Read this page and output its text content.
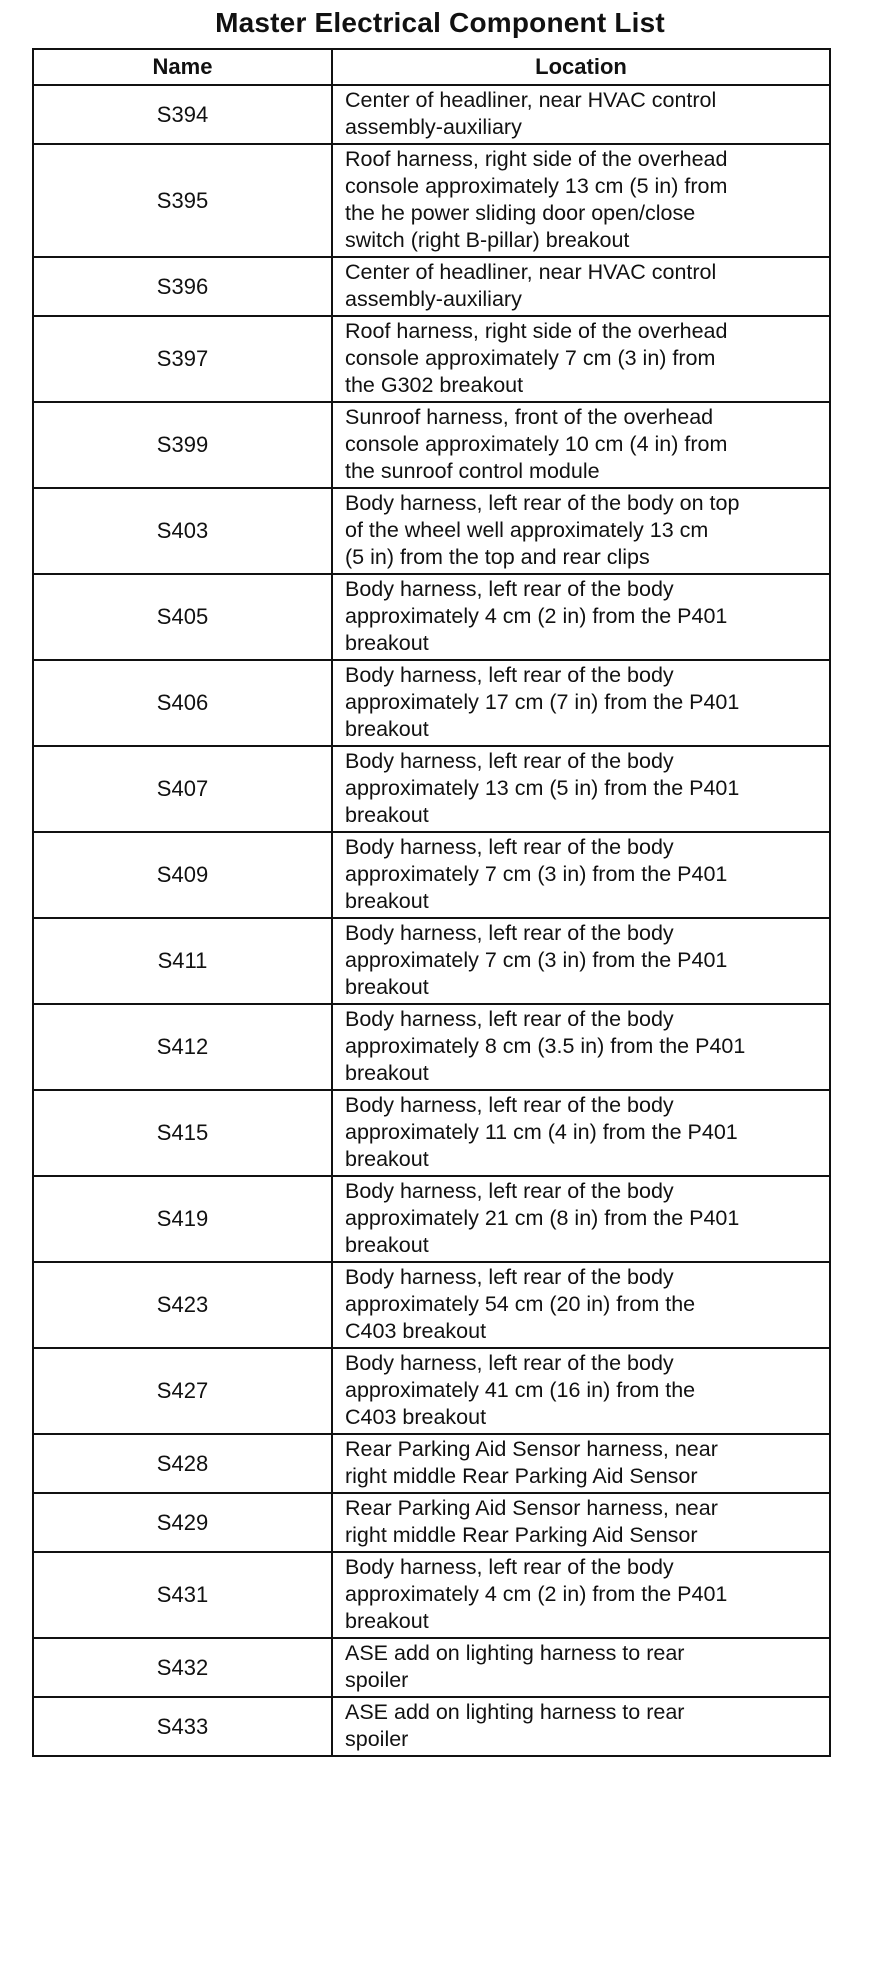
Master Electrical Component List
Name	Location
S394	Center of headliner, near HVAC control
assembly-auxiliary
S395	Roof harness, right side of the overhead
console approximately 13 cm (5 in) from
the he power sliding door open/close
switch (right B-pillar) breakout
S396	Center of headliner, near HVAC control
assembly-auxiliary
S397	Roof harness, right side of the overhead
console approximately 7 cm (3 in) from
the G302 breakout
S399	Sunroof harness, front of the overhead
console approximately 10 cm (4 in) from
the sunroof control module
S403	Body harness, left rear of the body on top
of the wheel well approximately 13 cm
(5 in) from the top and rear clips
S405	Body harness, left rear of the body
approximately 4 cm (2 in) from the P401
breakout
S406	Body harness, left rear of the body
approximately 17 cm (7 in) from the P401
breakout
S407	Body harness, left rear of the body
approximately 13 cm (5 in) from the P401
breakout
S409	Body harness, left rear of the body
approximately 7 cm (3 in) from the P401
breakout
S411	Body harness, left rear of the body
approximately 7 cm (3 in) from the P401
breakout
S412	Body harness, left rear of the body
approximately 8 cm (3.5 in) from the P401
breakout
S415	Body harness, left rear of the body
approximately 11 cm (4 in) from the P401
breakout
S419	Body harness, left rear of the body
approximately 21 cm (8 in) from the P401
breakout
S423	Body harness, left rear of the body
approximately 54 cm (20 in) from the
C403 breakout
S427	Body harness, left rear of the body
approximately 41 cm (16 in) from the
C403 breakout
S428	Rear Parking Aid Sensor harness, near
right middle Rear Parking Aid Sensor
S429	Rear Parking Aid Sensor harness, near
right middle Rear Parking Aid Sensor
S431	Body harness, left rear of the body
approximately 4 cm (2 in) from the P401
breakout
S432	ASE add on lighting harness to rear
spoiler
S433	ASE add on lighting harness to rear
spoiler
